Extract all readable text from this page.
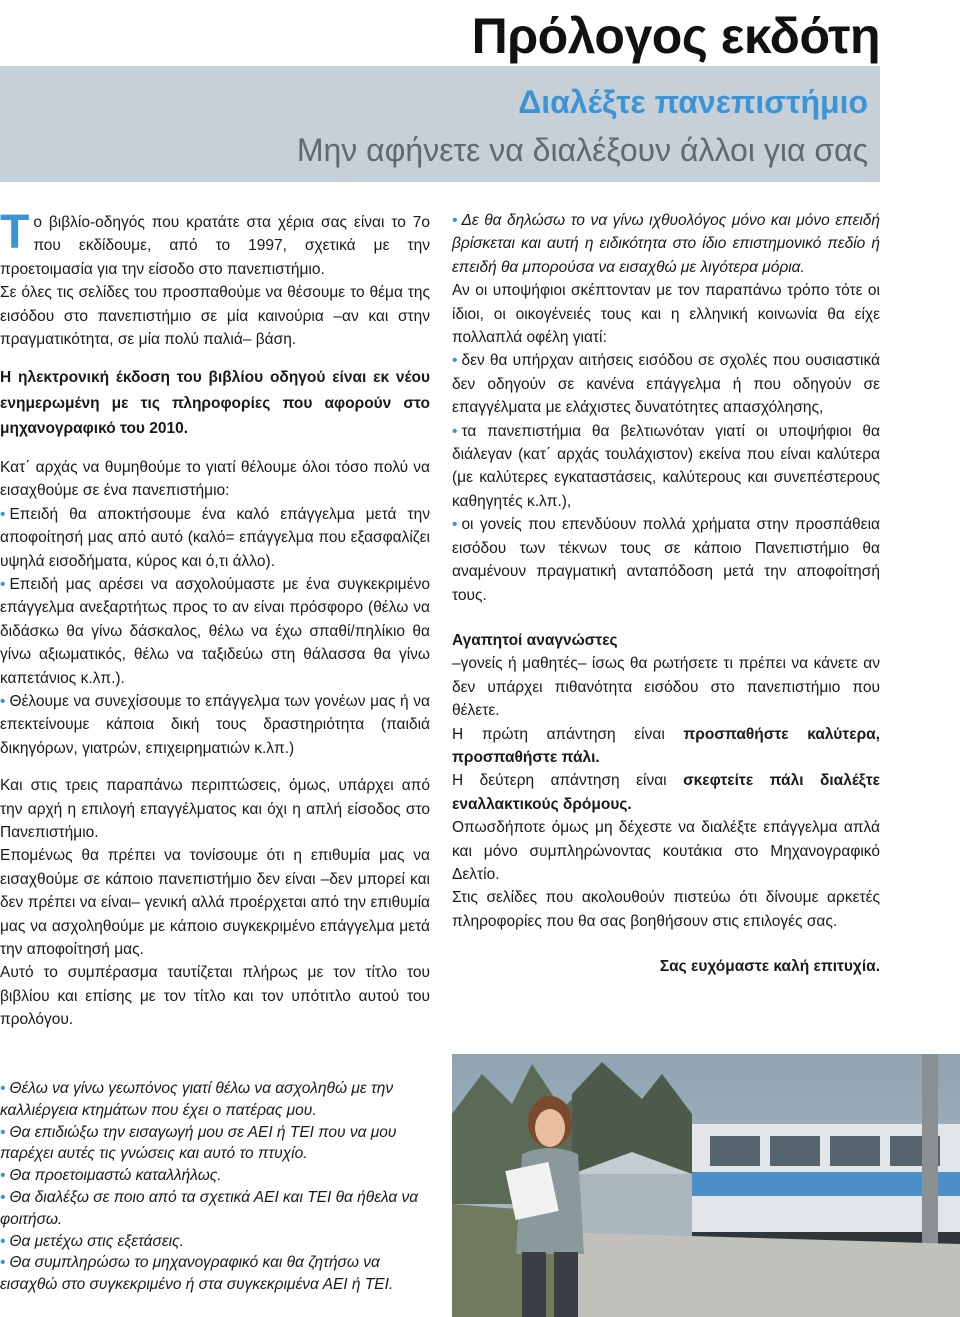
Πρόλογος εκδότη
Διαλέξτε πανεπιστήμιο
Μην αφήνετε να διαλέξουν άλλοι για σας

Το βιβλίο-οδηγός που κρατάτε στα χέρια σας είναι το 7ο που εκδίδουμε, από το 1997, σχετικά με την προετοιμασία για την είσοδο στο πανεπιστήμιο.

Σε όλες τις σελίδες του προσπαθούμε να θέσουμε το θέμα της εισόδου στο πανεπιστήμιο σε μία καινούρια –αν και στην πραγματικότητα, σε μία πολύ παλιά– βάση.

Η ηλεκτρονική έκδοση του βιβλίου οδηγού είναι εκ νέου ενημερωμένη με τις πληροφορίες που αφορούν στο μηχανογραφικό του 2010.

Κατ΄ αρχάς να θυμηθούμε το γιατί θέλουμε όλοι τόσο πολύ να εισαχθούμε σε ένα πανεπιστήμιο:

• Επειδή θα αποκτήσουμε ένα καλό επάγγελμα μετά την αποφοίτησή μας από αυτό (καλό= επάγγελμα που εξασφαλίζει υψηλά εισοδήματα, κύρος και ό,τι άλλο).

• Επειδή μας αρέσει να ασχολούμαστε με ένα συγκεκριμένο επάγγελμα ανεξαρτήτως προς το αν είναι πρόσφορο (θέλω να διδάσκω θα γίνω δάσκαλος, θέλω να έχω σπαθί/πηλίκιο θα γίνω αξιωματικός, θέλω να ταξιδεύω στη θάλασσα θα γίνω καπετάνιος κ.λπ.).

• Θέλουμε να συνεχίσουμε το επάγγελμα των γονέων μας ή να επεκτείνουμε κάποια δική τους δραστηριότητα (παιδιά δικηγόρων, γιατρών, επιχειρηματιών κ.λπ.)

Και στις τρεις παραπάνω περιπτώσεις, όμως, υπάρχει από την αρχή η επιλογή επαγγέλματος και όχι η απλή είσοδος στο Πανεπιστήμιο.

Επομένως θα πρέπει να τονίσουμε ότι η επιθυμία μας να εισαχθούμε σε κάποιο πανεπιστήμιο δεν είναι –δεν μπορεί και δεν πρέπει να είναι– γενική αλλά προέρχεται από την επιθυμία μας να ασχοληθούμε με κάποιο συγκεκριμένο επάγγελμα μετά την αποφοίτησή μας.

Αυτό το συμπέρασμα ταυτίζεται πλήρως με τον τίτλο του βιβλίου και επίσης με τον τίτλο και τον υπότιτλο αυτού του προλόγου.

• Δε θα δηλώσω το να γίνω ιχθυολόγος μόνο και μόνο επειδή βρίσκεται και αυτή η ειδικότητα στο ίδιο επιστημονικό πεδίο ή επειδή θα μπορούσα να εισαχθώ με λιγότερα μόρια.

Αν οι υποψήφιοι σκέπτονταν με τον παραπάνω τρόπο τότε οι ίδιοι, οι οικογένειές τους και η ελληνική κοινωνία θα είχε πολλαπλά οφέλη γιατί:

• δεν θα υπήρχαν αιτήσεις εισόδου σε σχολές που ουσιαστικά δεν οδηγούν σε κανένα επάγγελμα ή που οδηγούν σε επαγγέλματα με ελάχιστες δυνατότητες απασχόλησης,

• τα πανεπιστήμια θα βελτιωνόταν γιατί οι υποψήφιοι θα διάλεγαν (κατ΄ αρχάς τουλάχιστον) εκείνα που είναι καλύτερα (με καλύτερες εγκαταστάσεις, καλύτερους και συνεπέστερους καθηγητές κ.λπ.),

• οι γονείς που επενδύουν πολλά χρήματα στην προσπάθεια εισόδου των τέκνων τους σε κάποιο Πανεπιστήμιο θα αναμένουν πραγματική ανταπόδοση μετά την αποφοίτησή τους.

Αγαπητοί αναγνώστες

–γονείς ή μαθητές– ίσως θα ρωτήσετε τι πρέπει να κάνετε αν δεν υπάρχει πιθανότητα εισόδου στο πανεπιστήμιο που θέλετε.

Η πρώτη απάντηση είναι προσπαθήστε καλύτερα, προσπαθήστε πάλι.

Η δεύτερη απάντηση είναι σκεφτείτε πάλι διαλέξτε εναλλακτικούς δρόμους.

Οπωσδήποτε όμως μη δέχεστε να διαλέξτε επάγγελμα απλά και μόνο συμπληρώνοντας κουτάκια στο Μηχανογραφικό Δελτίο.

Στις σελίδες που ακολουθούν πιστεύω ότι δίνουμε αρκετές πληροφορίες που θα σας βοηθήσουν στις επιλογές σας.

Σας ευχόμαστε καλή επιτυχία.

• Θέλω να γίνω γεωπόνος γιατί θέλω να ασχοληθώ με την καλλιέργεια κτημάτων που έχει ο πατέρας μου.

• Θα επιδιώξω την εισαγωγή μου σε ΑΕΙ ή ΤΕΙ που να μου παρέχει αυτές τις γνώσεις και αυτό το πτυχίο.

• Θα προετοιμαστώ καταλλήλως.

• Θα διαλέξω σε ποιο από τα σχετικά ΑΕΙ και ΤΕΙ θα ήθελα να φοιτήσω.

• Θα μετέχω στις εξετάσεις.

• Θα συμπληρώσω το μηχανογραφικό και θα ζητήσω να εισαχθώ στο συγκεκριμένο ή στα συγκεκριμένα ΑΕΙ ή ΤΕΙ.
